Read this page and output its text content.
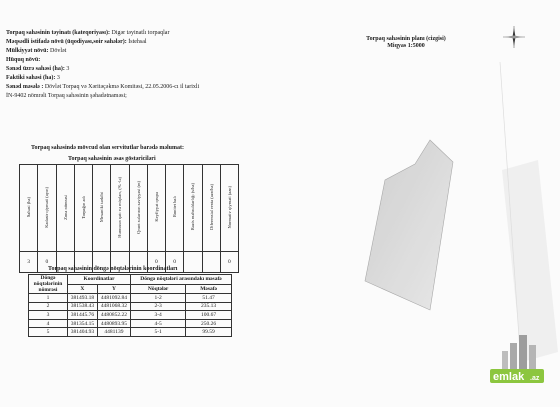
Torpaq sahəsinin təyinatı (kateqoriyası): Digər təyinatlı torpaqlar
Məqsədli istifadə növü (üqodiyası,soir sahələr): İstehsal
Mülkiyyət növü: Dövlət
Hüquq növü:
Sənəd üzrə sahəsi (ha): 3
Faktiki sahəsi (ha): 3
Sənəd məsələ : Dövlət Torpaq və Xəritəçəkmə Komitəsi, 22.05.2006-cı il tarixli
İN-9402 nömrəli Torpaq sahəsinin şəhadətnaməsi;
Torpaq sahəsinin planı (cizgisi)
Miqyas 1:5000
Torpaq sahəsində mövcud olan servitutlar barədə məlumat:
Torpaq sahəsinin əsas göstəriciləri
Sahəsi (ha)	Kadastr qiyməti (ayın)	Zona nömrəsi	Torpağın adı	Mexaniki tərkibi	Humusun qatı və miqdarı, (% -lə)	Qrunt sularının səviyyəsi (m)	Keyfiyyət qrupu	Bonitet balı	Bazis məhsuldarlığı (s/ha)	Diferensial renta (azn/ha)	Normativ qiyməti (azn)
3	0						0	0			0
Torpaq sahəsinin döngə nöqtələrinin koordinatları
Döngə nöqtələrinin nömrəsi	Koordinatlar		Döngə nöqtələri arasındakı məsafə	
	X	Y	Nöqtələr	Məsafə
1	381493.18	4481092.84	1-2	51.47
2	381538.43	4481068.32	2-3	235.13
3	381445.76	4480852.22	3-4	100.67
4	381354.15	4480893.95	4-5	250.26
5	381404.93	4481139	5-1	99.59
emlak .az
